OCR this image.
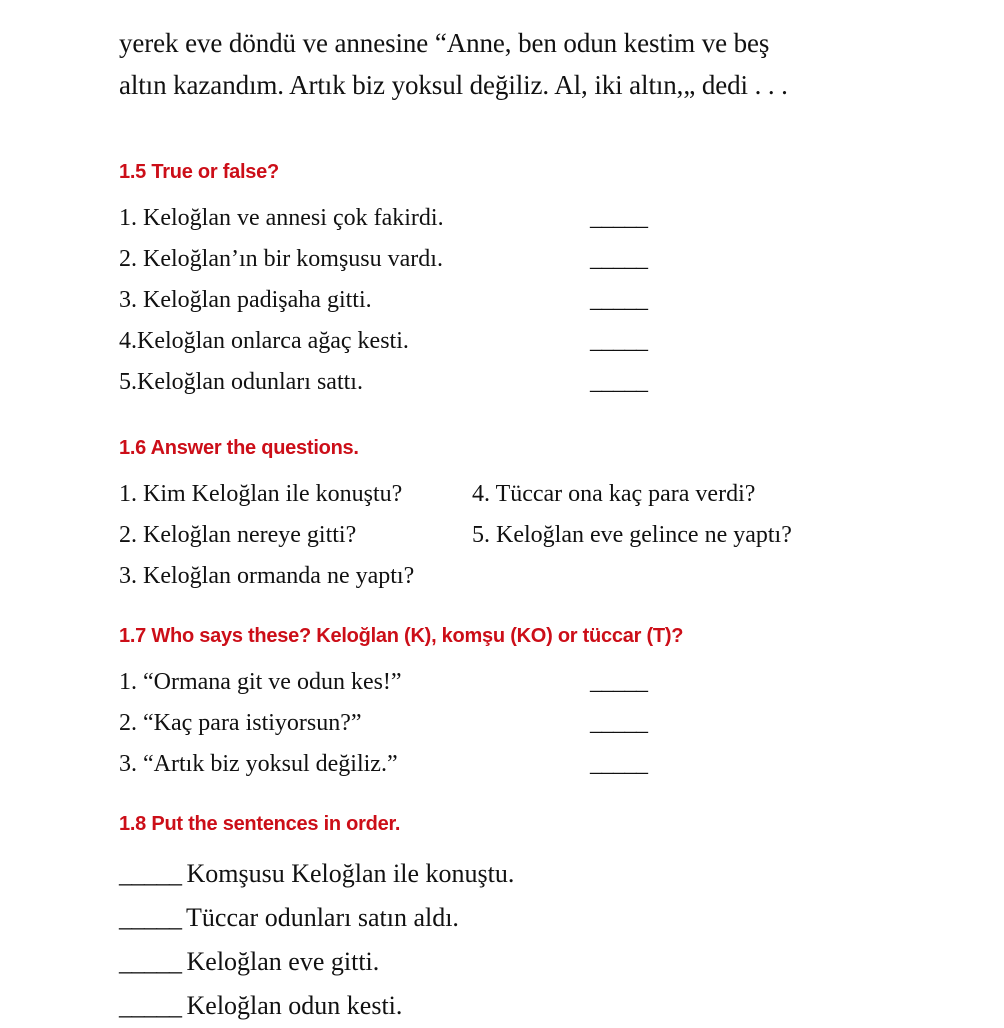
yerek eve döndü ve annesine “Anne, ben odun kestim ve beş
altın kazandım. Artık biz yoksul değiliz. Al, iki altın,„ dedi . . .
1.5 True or false?
1. Keloğlan ve annesi çok fakirdi.	_____
2. Keloğlan’ın bir komşusu vardı.	_____
3. Keloğlan padişaha gitti.	_____
4.Keloğlan onlarca ağaç kesti.	_____
5.Keloğlan odunları sattı.	_____
1.6 Answer the questions.
1. Kim Keloğlan ile konuştu?	4. Tüccar ona kaç para verdi?
2. Keloğlan nereye gitti?	5. Keloğlan eve gelince ne yaptı?
3. Keloğlan ormanda ne yaptı?
1.7 Who says these? Keloğlan (K), komşu (KO) or tüccar (T)?
1. “Ormana git ve odun kes!”	_____
2. “Kaç para istiyorsun?”	_____
3. “Artık biz yoksul değiliz.”	_____
1.8 Put the sentences in order.
_____ Komşusu Keloğlan ile konuştu.
_____ Tüccar odunları satın aldı.
_____ Keloğlan eve gitti.
_____ Keloğlan odun kesti.
